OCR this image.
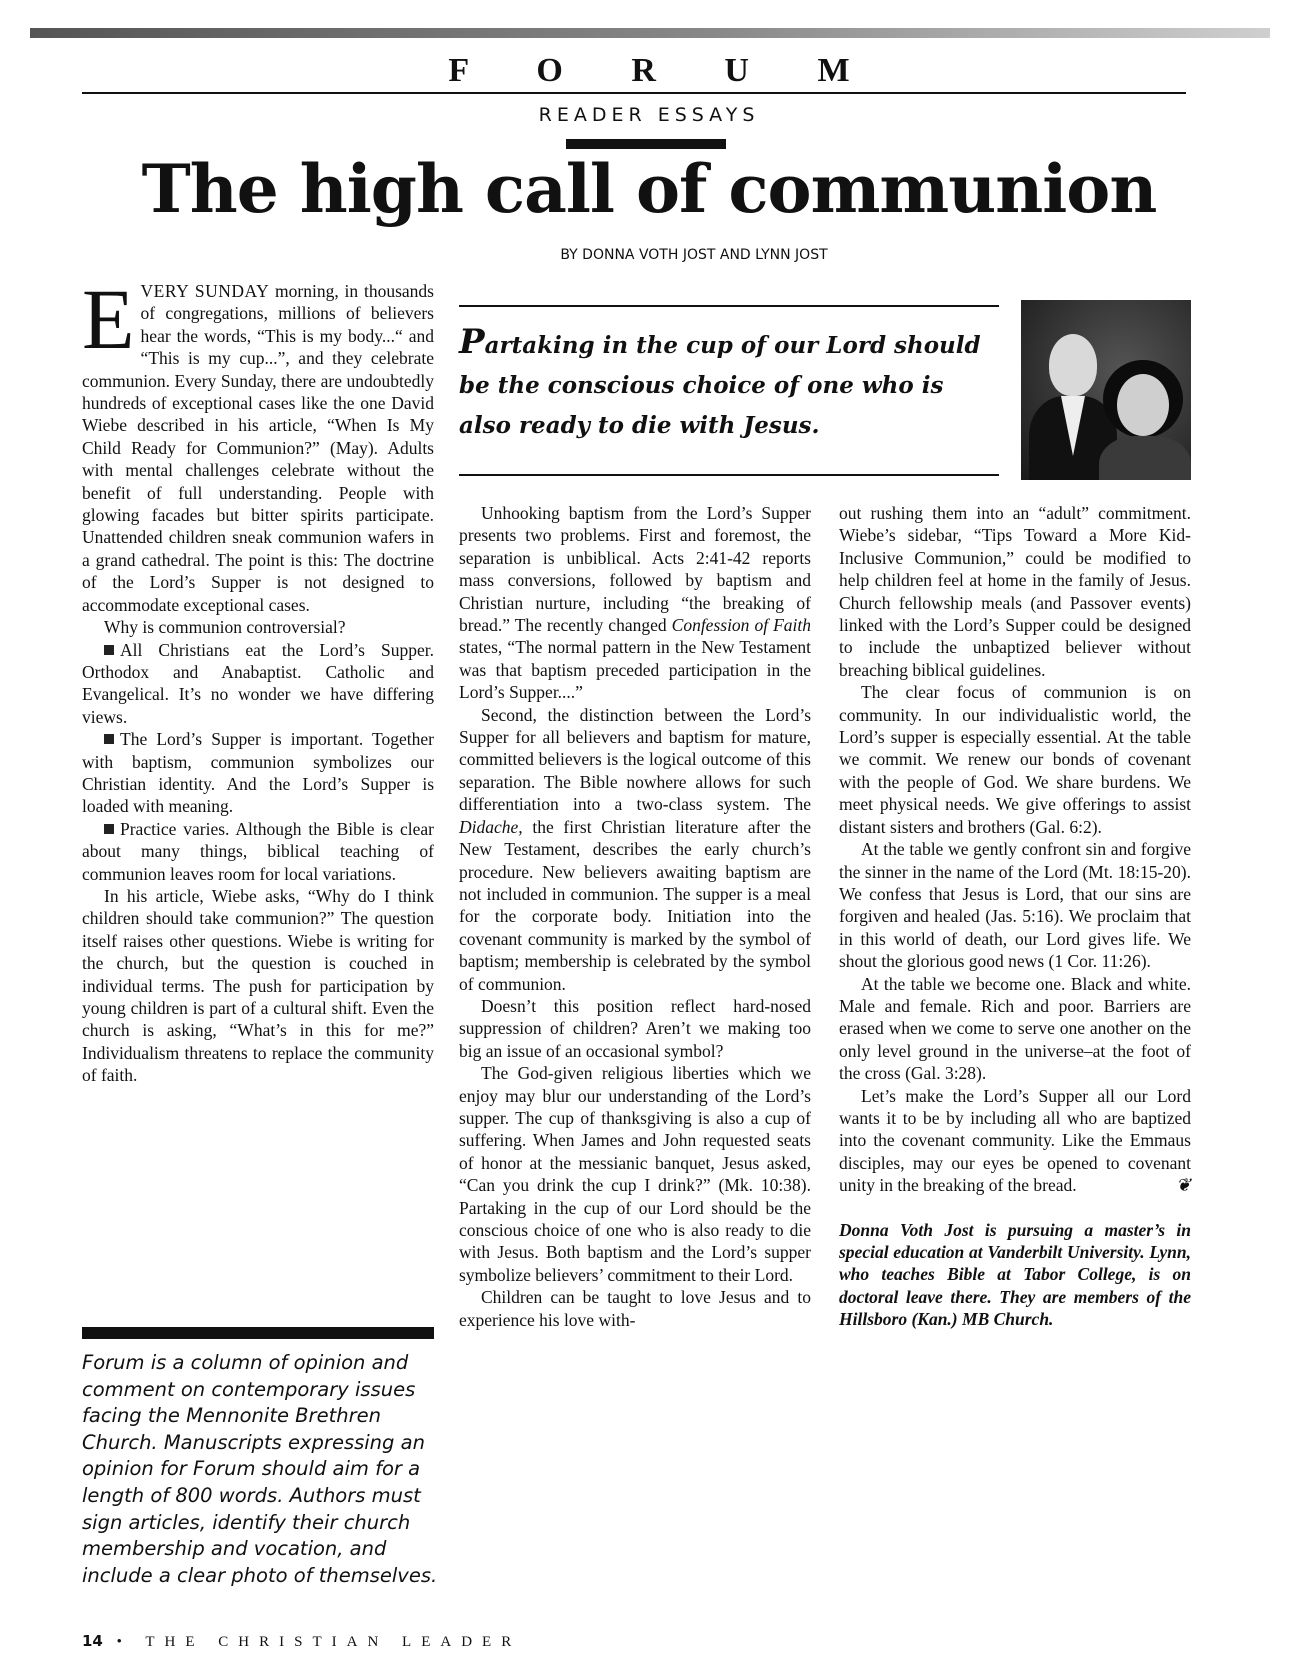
F O R U M
READER ESSAYS
The high call of communion
BY DONNA VOTH JOST AND LYNN JOST

EVERY SUNDAY morning, in thousands of congregations, millions of believers hear the words, “This is my body...“ and “This is my cup...”, and they celebrate communion. Every Sunday, there are undoubtedly hundreds of exceptional cases like the one David Wiebe described in his article, “When Is My Child Ready for Communion?” (May). Adults with mental challenges celebrate without the benefit of full understanding. People with glowing facades but bitter spirits participate. Unattended children sneak communion wafers in a grand cathedral. The point is this: The doctrine of the Lord’s Supper is not designed to accommodate exceptional cases.

Why is communion controversial?

All Christians eat the Lord’s Supper. Orthodox and Anabaptist. Catholic and Evangelical. It’s no wonder we have differing views.

The Lord’s Supper is important. Together with baptism, communion symbolizes our Christian identity. And the Lord’s Supper is loaded with meaning.

Practice varies. Although the Bible is clear about many things, biblical teaching of communion leaves room for local variations.

In his article, Wiebe asks, “Why do I think children should take communion?” The question itself raises other questions. Wiebe is writing for the church, but the question is couched in individual terms. The push for participation by young children is part of a cultural shift. Even the church is asking, “What’s in this for me?” Individualism threatens to replace the community of faith.

Forum is a column of opinion and comment on contemporary issues facing the Mennonite Brethren Church. Manuscripts expressing an opinion for Forum should aim for a length of 800 words. Authors must sign articles, identify their church membership and vocation, and include a clear photo of themselves.
Partaking in the cup of our Lord should be the conscious choice of one who is also ready to die with Jesus.

Unhooking baptism from the Lord’s Supper presents two problems. First and foremost, the separation is unbiblical. Acts 2:41-42 reports mass conversions, followed by baptism and Christian nurture, including “the breaking of bread.” The recently changed Confession of Faith states, “The normal pattern in the New Testament was that baptism preceded participation in the Lord’s Supper....”

Second, the distinction between the Lord’s Supper for all believers and baptism for mature, committed believers is the logical outcome of this separation. The Bible nowhere allows for such differentiation into a two-class system. The Didache, the first Christian literature after the New Testament, describes the early church’s procedure. New believers awaiting baptism are not included in communion. The supper is a meal for the corporate body. Initiation into the covenant community is marked by the symbol of baptism; membership is celebrated by the symbol of communion.

Doesn’t this position reflect hard-nosed suppression of children? Aren’t we making too big an issue of an occasional symbol?

The God-given religious liberties which we enjoy may blur our understanding of the Lord’s supper. The cup of thanksgiving is also a cup of suffering. When James and John requested seats of honor at the messianic banquet, Jesus asked, “Can you drink the cup I drink?” (Mk. 10:38). Partaking in the cup of our Lord should be the conscious choice of one who is also ready to die with Jesus. Both baptism and the Lord’s supper symbolize believers’ commitment to their Lord.

Children can be taught to love Jesus and to experience his love with-

out rushing them into an “adult” commitment. Wiebe’s sidebar, “Tips Toward a More Kid-Inclusive Communion,” could be modified to help children feel at home in the family of Jesus. Church fellowship meals (and Passover events) linked with the Lord’s Supper could be designed to include the unbaptized believer without breaching biblical guidelines.

The clear focus of communion is on community. In our individualistic world, the Lord’s supper is especially essential. At the table we commit. We renew our bonds of covenant with the people of God. We share burdens. We meet physical needs. We give offerings to assist distant sisters and brothers (Gal. 6:2).

At the table we gently confront sin and forgive the sinner in the name of the Lord (Mt. 18:15-20). We confess that Jesus is Lord, that our sins are forgiven and healed (Jas. 5:16). We proclaim that in this world of death, our Lord gives life. We shout the glorious good news (1 Cor. 11:26).

At the table we become one. Black and white. Male and female. Rich and poor. Barriers are erased when we come to serve one another on the only level ground in the universe–at the foot of the cross (Gal. 3:28).

Let’s make the Lord’s Supper all our Lord wants it to be by including all who are baptized into the covenant community. Like the Emmaus disciples, may our eyes be opened to covenant unity in the breaking of the bread.	❦

Donna Voth Jost is pursuing a master’s in special education at Vanderbilt University. Lynn, who teaches Bible at Tabor College, is on doctoral leave there. They are members of the Hillsboro (Kan.) MB Church.

14 • THE CHRISTIAN LEADER
